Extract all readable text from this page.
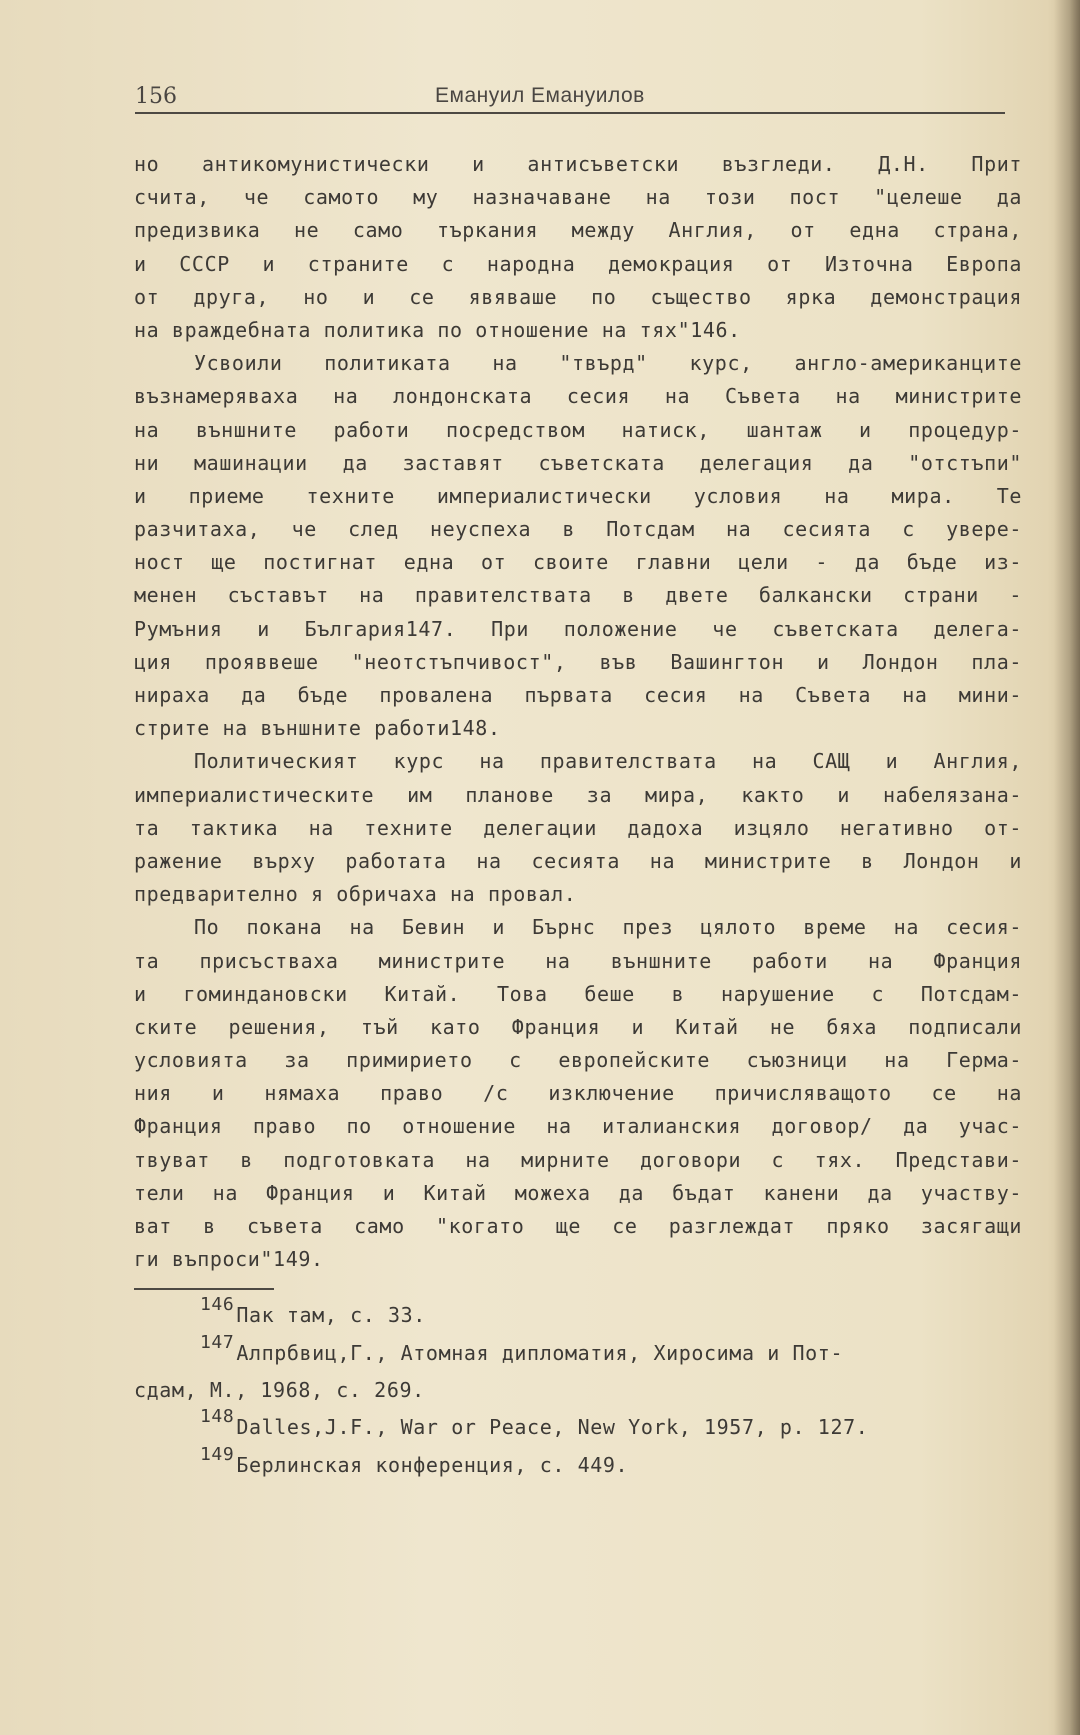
156	Емануил Емануилов
но антикомунистически и антисъветски възгледи. Д.Н. Прит
счита, че самото му назначаване на този пост "целеше да
предизвика не само търкания между Англия, от една страна,
и СССР и страните с народна демокрация от Източна Европа
от друга, но и се явяваше по същество ярка демонстрация
на враждебната политика по отношение на тях"146.
Усвоили политиката на "твърд" курс, англо-американците
възнамеряваха на лондонската сесия на Съвета на министрите
на външните работи посредством натиск, шантаж и процедур-
ни машинации да заставят съветската делегация да "отстъпи"
и приеме техните империалистически условия на мира. Те
разчитаха, че след неуспеха в Потсдам на сесията с увере-
ност ще постигнат една от своите главни цели - да бъде из-
менен съставът на правителствата в двете балкански страни -
Румъния и България147. При положение че съветската делега-
ция прояввеше "неотстъпчивост", във Вашингтон и Лондон пла-
нираха да бъде провалена първата сесия на Съвета на мини-
стрите на външните работи148.
Политическият курс на правителствата на САЩ и Англия,
империалистическите им планове за мира, както и набелязана-
та тактика на техните делегации дадоха изцяло негативно от-
ражение върху работата на сесията на министрите в Лондон и
предварително я обричаха на провал.
По покана на Бевин и Бърнс през цялото време на сесия-
та присъстваха министрите на външните работи на Франция
и гоминдановски Китай. Това беше в нарушение с Потсдам-
ските решения, тъй като Франция и Китай не бяха подписали
условията за примирието с европейските съюзници на Герма-
ния и нямаха право /с изключение причисляващото се на
Франция право по отношение на италианския договор/ да учас-
твуват в подготовката на мирните договори с тях. Представи-
тели на Франция и Китай можеха да бъдат канени да участву-
ват в съвета само "когато ще се разглеждат пряко засягащи
ги въпроси"149.
146 Пак там, с. 33.
147 Алпрбвиц,Г., Атомная дипломатия, Хиросима и Пот-
сдам, М., 1968, с. 269.
148 Dalles,J.F., War or Peace, New York, 1957, p. 127.
149 Берлинская конференция, с. 449.
